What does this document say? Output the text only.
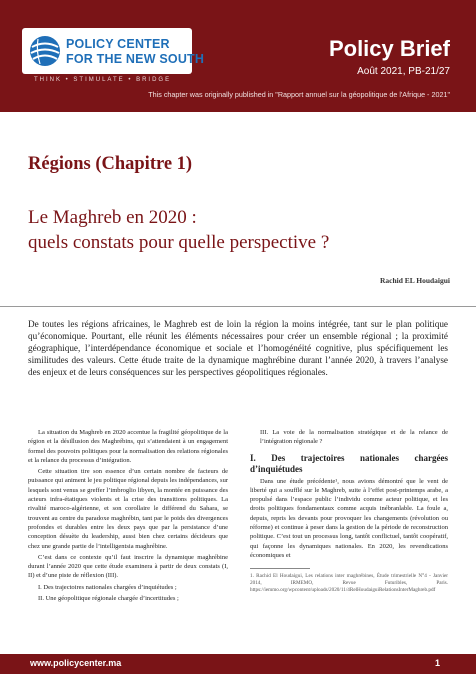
POLICY CENTER
FOR THE NEW SOUTH
THINK • STIMULATE • BRIDGE
Policy Brief
Août 2021, PB-21/27
This chapter was originally published in "Rapport annuel sur la géopolitique de l'Afrique - 2021"
Régions (Chapitre 1)
Le Maghreb en 2020 :
quels constats pour quelle perspective ?
Rachid EL Houdaigui
De toutes les régions africaines, le Maghreb est de loin la région la moins intégrée, tant sur le plan politique qu’économique. Pourtant, elle réunit les éléments nécessaires pour créer un ensemble régional ; la proximité géographique, l’interdépendance économique et sociale et l’homogénéité cognitive, plus spécifiquement les similitudes des valeurs. Cette étude traite de la dynamique maghrébine durant l’année 2020, à travers l’analyse des enjeux et de leurs conséquences sur les perspectives géopolitiques régionales.

La situation du Maghreb en 2020 accentue la fragilité géopolitique de la région et la désillusion des Maghrébins, qui s’attendaient à un engagement formel des pouvoirs politiques pour la normalisation des relations régionales et la relance du processus d’intégration.

Cette situation tire son essence d’un certain nombre de facteurs de puissance qui animent le jeu politique régional depuis les indépendances, sur lesquels sont venus se greffer l’imbroglio libyen, la montée en puissance des acteurs infra-étatiques violents et la crise des transitions politiques. La rivalité maroco-algérienne, et son corollaire le différend du Sahara, se trouvent au centre du paradoxe maghrébin, tant par le poids des divergences profondes et durables entre les deux pays que par la persistance d’une conception désuète du leadership, aussi bien chez certains décideurs que chez une grande partie de l’intelligentsia maghrébine.

C’est dans ce contexte qu’il faut inscrire la dynamique maghrébine durant l’année 2020 que cette étude examinera à partir de deux constats (I, II) et d’une piste de réflexion (III).

I. Des trajectoires nationales chargées d’inquiétudes ;

II. Une géopolitique régionale chargée d’incertitudes ;

III. La voie de la normalisation stratégique et de la relance de l’intégration régionale ?

I. Des trajectoires nationales chargées d’inquiétudes

Dans une étude précédente¹, nous avions démontré que le vent de liberté qui a soufflé sur le Maghreb, suite à l’effet post-printemps arabe, a propulsé dans l’espace public l’individu comme acteur politique, et les droits politiques fondamentaux comme acquis inébranlable. La foule a, depuis, repris les devants pour provoquer les changements (révolution ou réforme) et continue à peser dans la gestion de la période de reconstruction politique. C’est tout un processus long, tantôt conflictuel, tantôt coopératif, qui façonne les dynamiques nationales. En 2020, les revendications économiques et

1. Rachid El Houdaigui, Les relations inter maghrébines, Étude trimestrielle N°4 - Janvier 2014, IRMEMO, Revue Futuribles, Paris. https://iemmo.org/wpcontent/uploads/2020/11/4RelHoudaiguiRelationsInterMaghreb.pdf

www.policycenter.ma	1
